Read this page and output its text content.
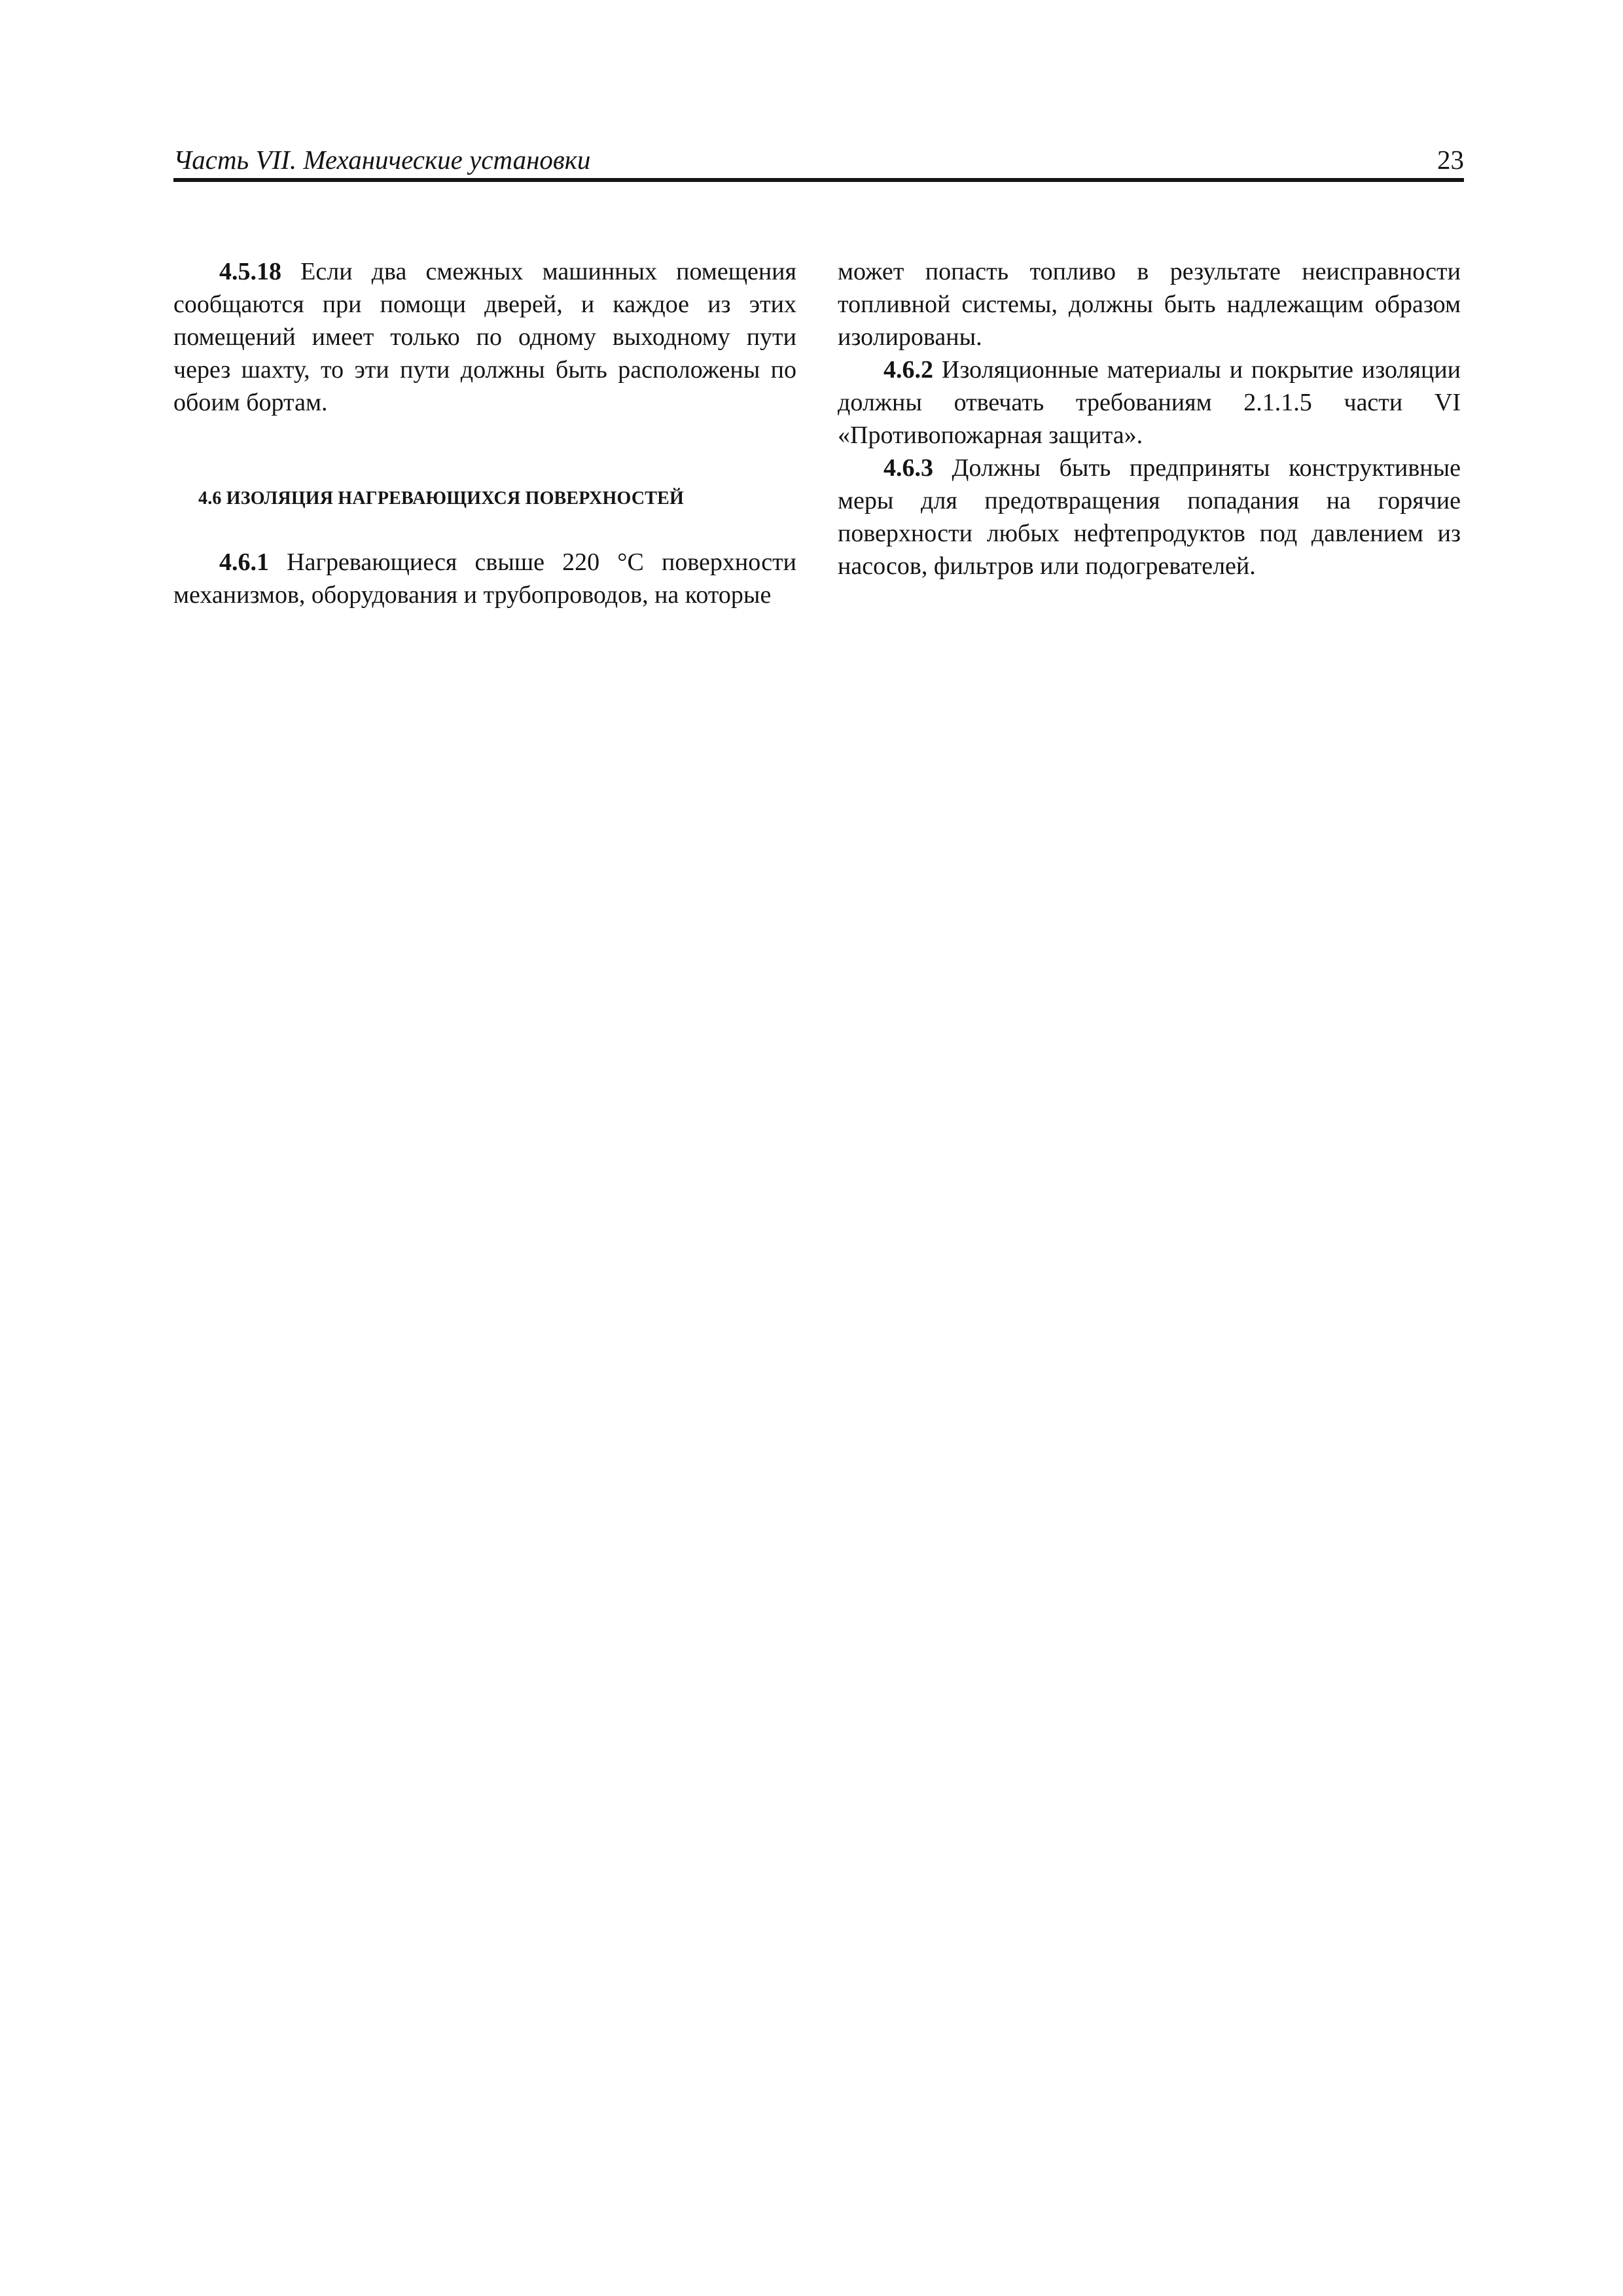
Часть VII. Механические установки	23

4.5.18 Если два смежных машинных помещения сообщаются при помощи дверей, и каждое из этих помещений имеет только по одному выходному пути через шахту, то эти пути должны быть расположены по обоим бортам.

4.6 ИЗОЛЯЦИЯ НАГРЕВАЮЩИХСЯ ПОВЕРХНОСТЕЙ

4.6.1 Нагревающиеся свыше 220 °C поверхности механизмов, оборудования и трубопроводов, на которые

может попасть топливо в результате неисправности топливной системы, должны быть надлежащим образом изолированы.

4.6.2 Изоляционные материалы и покрытие изоляции должны отвечать требованиям 2.1.1.5 части VI «Противопожарная защита».

4.6.3 Должны быть предприняты конструктивные меры для предотвращения попадания на горячие поверхности любых нефтепродуктов под давлением из насосов, фильтров или подогревателей.
